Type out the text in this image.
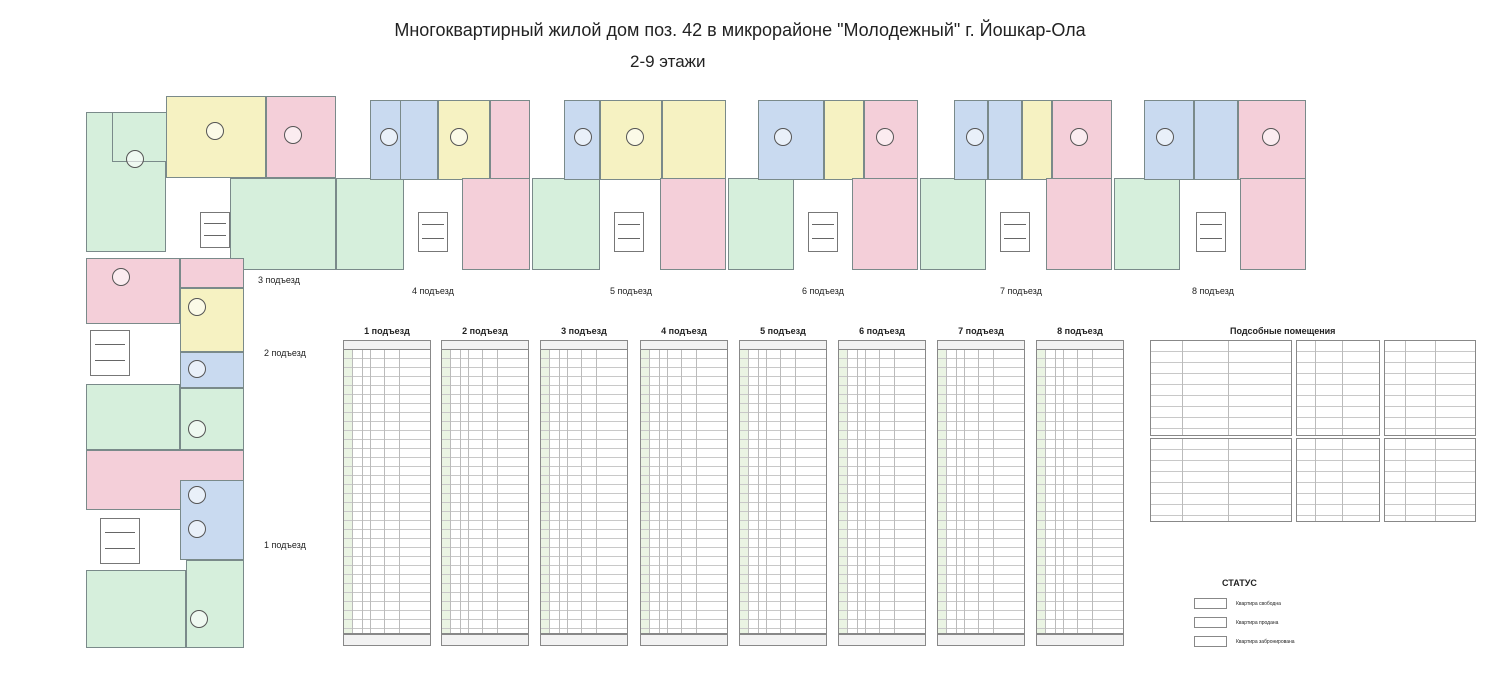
Многоквартирный жилой дом поз. 42 в микрорайоне "Молодежный" г. Йошкар-Ола
2-9 этажи
3 подъезд
4 подъезд	5 подъезд	6 подъезд	7 подъезд	8 подъезд
2 подъезд
1 подъезд
1 подъезд	2 подъезд	3 подъезд	4 подъезд	5 подъезд	6 подъезд	7 подъезд	8 подъезд	Подсобные помещения
СТАТУС
Квартира свободна
Квартира продана
Квартира забронирована
